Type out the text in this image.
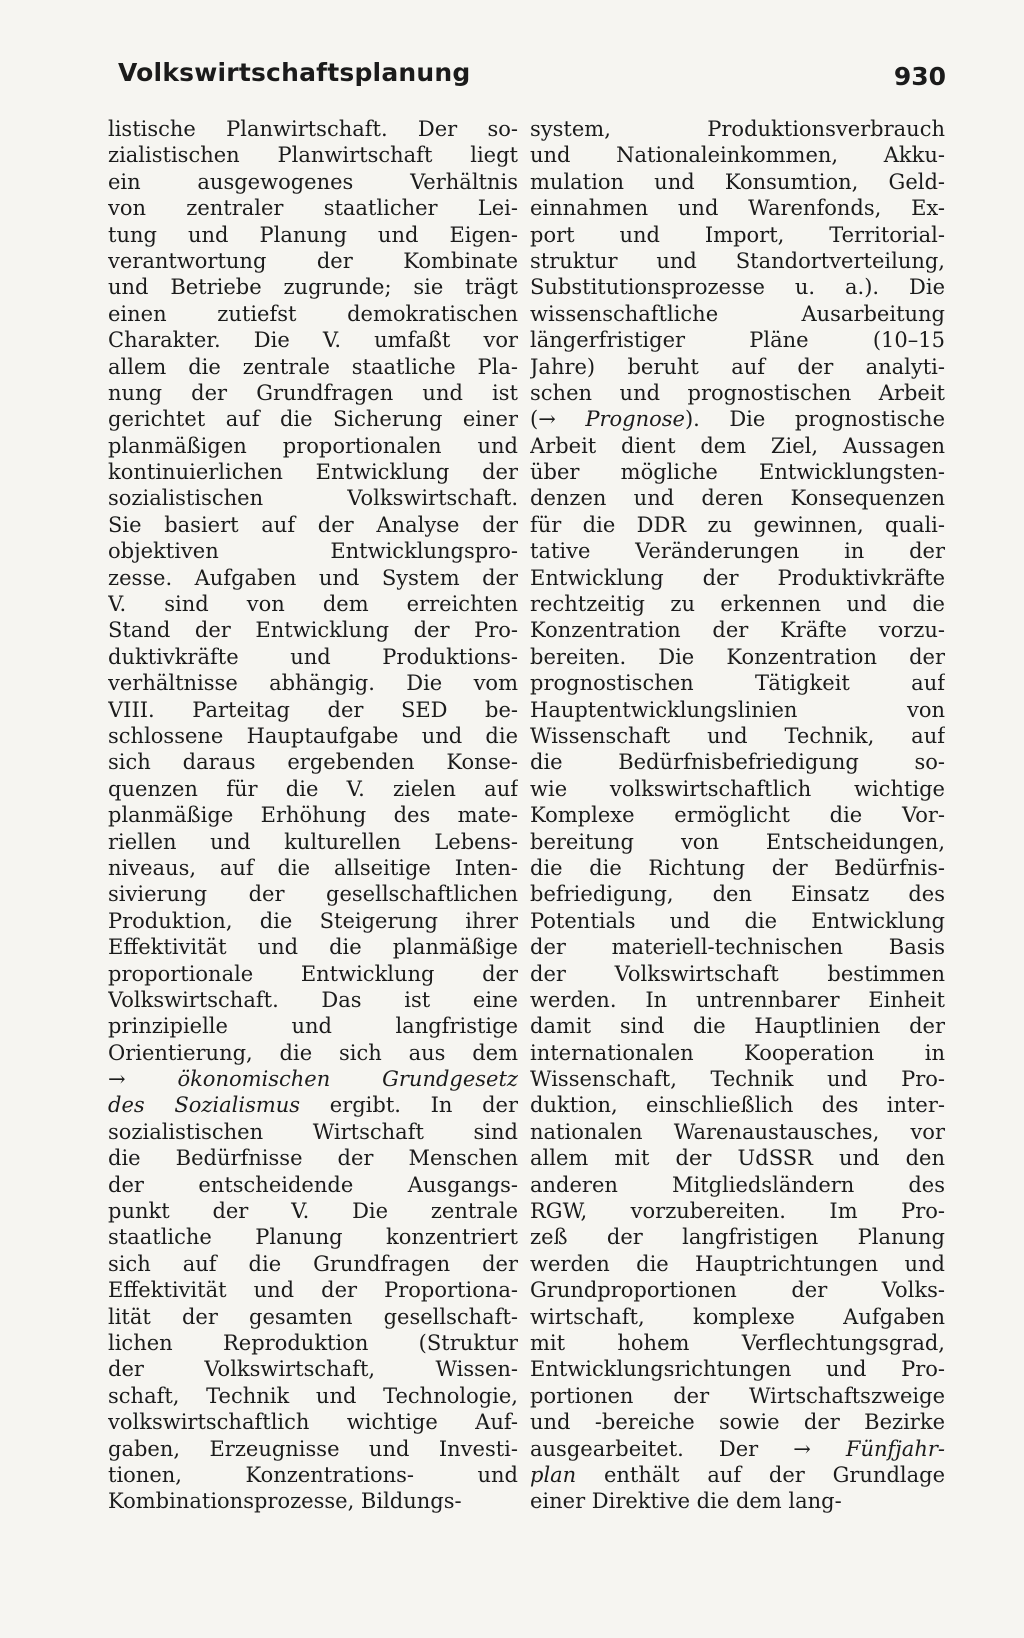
Volkswirtschaftsplanung	930
listische Planwirtschaft. Der so-
zialistischen Planwirtschaft liegt
ein ausgewogenes Verhältnis
von zentraler staatlicher Lei-
tung und Planung und Eigen-
verantwortung der Kombinate
und Betriebe zugrunde; sie trägt
einen zutiefst demokratischen
Charakter. Die V. umfaßt vor
allem die zentrale staatliche Pla-
nung der Grundfragen und ist
gerichtet auf die Sicherung einer
planmäßigen proportionalen und
kontinuierlichen Entwicklung der
sozialistischen Volkswirtschaft.
Sie basiert auf der Analyse der
objektiven Entwicklungspro-
zesse. Aufgaben und System der
V. sind von dem erreichten
Stand der Entwicklung der Pro-
duktivkräfte und Produktions-
verhältnisse abhängig. Die vom
VIII. Parteitag der SED be-
schlossene Hauptaufgabe und die
sich daraus ergebenden Konse-
quenzen für die V. zielen auf
planmäßige Erhöhung des mate-
riellen und kulturellen Lebens-
niveaus, auf die allseitige Inten-
sivierung der gesellschaftlichen
Produktion, die Steigerung ihrer
Effektivität und die planmäßige
proportionale Entwicklung der
Volkswirtschaft. Das ist eine
prinzipielle und langfristige
Orientierung, die sich aus dem
→ ökonomischen Grundgesetz
des Sozialismus ergibt. In der
sozialistischen Wirtschaft sind
die Bedürfnisse der Menschen
der entscheidende Ausgangs-
punkt der V. Die zentrale
staatliche Planung konzentriert
sich auf die Grundfragen der
Effektivität und der Proportiona-
lität der gesamten gesellschaft-
lichen Reproduktion (Struktur
der Volkswirtschaft, Wissen-
schaft, Technik und Technologie,
volkswirtschaftlich wichtige Auf-
gaben, Erzeugnisse und Investi-
tionen, Konzentrations- und
Kombinationsprozesse, Bildungs-
system, Produktionsverbrauch
und Nationaleinkommen, Akku-
mulation und Konsumtion, Geld-
einnahmen und Warenfonds, Ex-
port und Import, Territorial-
struktur und Standortverteilung,
Substitutionsprozesse u. a.). Die
wissenschaftliche Ausarbeitung
längerfristiger Pläne (10–15
Jahre) beruht auf der analyti-
schen und prognostischen Arbeit
(→ Prognose). Die prognostische
Arbeit dient dem Ziel, Aussagen
über mögliche Entwicklungsten-
denzen und deren Konsequenzen
für die DDR zu gewinnen, quali-
tative Veränderungen in der
Entwicklung der Produktivkräfte
rechtzeitig zu erkennen und die
Konzentration der Kräfte vorzu-
bereiten. Die Konzentration der
prognostischen Tätigkeit auf
Hauptentwicklungslinien von
Wissenschaft und Technik, auf
die Bedürfnisbefriedigung so-
wie volkswirtschaftlich wichtige
Komplexe ermöglicht die Vor-
bereitung von Entscheidungen,
die die Richtung der Bedürfnis-
befriedigung, den Einsatz des
Potentials und die Entwicklung
der materiell-technischen Basis
der Volkswirtschaft bestimmen
werden. In untrennbarer Einheit
damit sind die Hauptlinien der
internationalen Kooperation in
Wissenschaft, Technik und Pro-
duktion, einschließlich des inter-
nationalen Warenaustausches, vor
allem mit der UdSSR und den
anderen Mitgliedsländern des
RGW, vorzubereiten. Im Pro-
zeß der langfristigen Planung
werden die Hauptrichtungen und
Grundproportionen der Volks-
wirtschaft, komplexe Aufgaben
mit hohem Verflechtungsgrad,
Entwicklungsrichtungen und Pro-
portionen der Wirtschaftszweige
und -bereiche sowie der Bezirke
ausgearbeitet. Der → Fünfjahr-
plan enthält auf der Grundlage
einer Direktive die dem lang-
